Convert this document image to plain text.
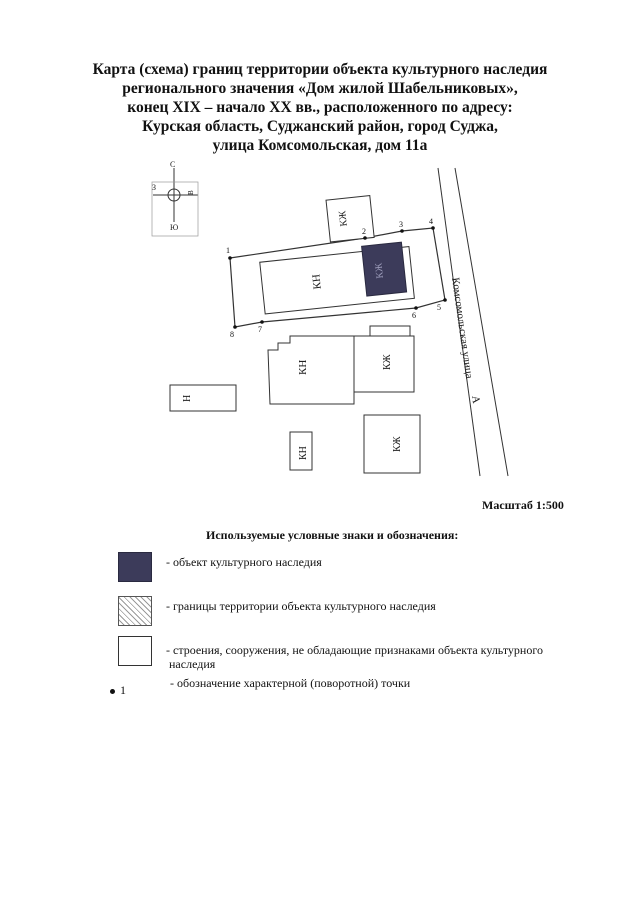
Карта (схема) границ территории объекта культурного наследия
регионального значения «Дом жилой Шабельниковых»,
конец XIX – начало XX вв., расположенного по адресу:
Курская область, Суджанский район, город Суджа,
улица Комсомольская, дом 11а
С
З
В
Ю
Комсомольская улица
А
КЖ
КН
КЖ
КН	КЖ
Н
КН
КЖ
1
2
3	4
5
6
7
8
Масштаб 1:500
Используемые условные знаки и обозначения:
- объект культурного наследия
- границы территории объекта культурного наследия
- строения, сооружения, не обладающие признаками объекта культурного
наследия
1	- обозначение характерной (поворотной) точки
